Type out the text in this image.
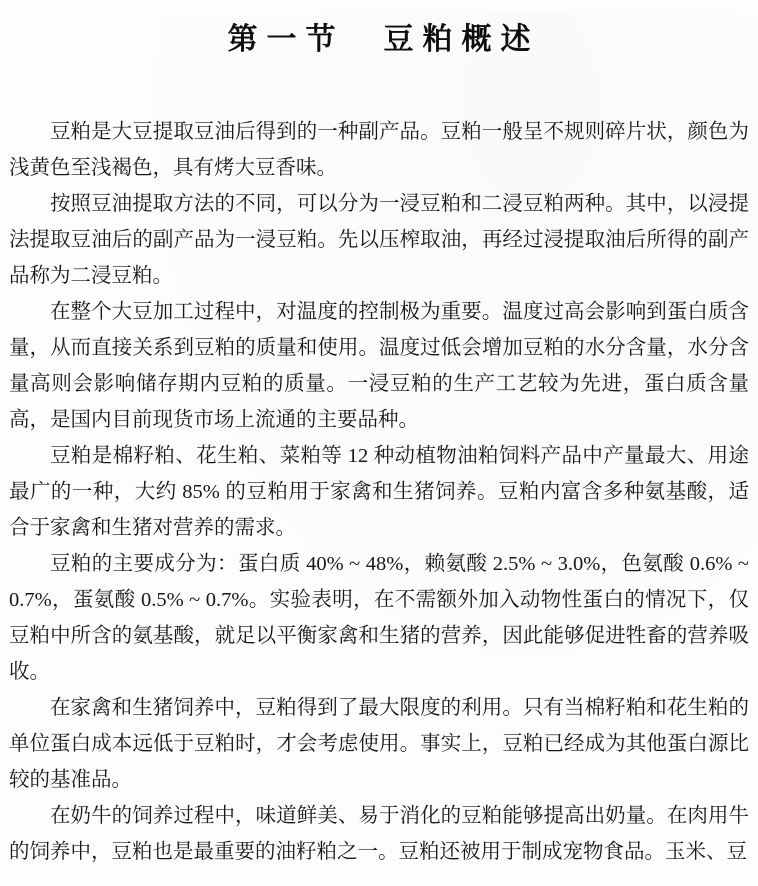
第一节　豆粕概述

豆粕是大豆提取豆油后得到的一种副产品。豆粕一般呈不规则碎片状，颜色为浅黄色至浅褐色，具有烤大豆香味。

按照豆油提取方法的不同，可以分为一浸豆粕和二浸豆粕两种。其中，以浸提法提取豆油后的副产品为一浸豆粕。先以压榨取油，再经过浸提取油后所得的副产品称为二浸豆粕。

在整个大豆加工过程中，对温度的控制极为重要。温度过高会影响到蛋白质含量，从而直接关系到豆粕的质量和使用。温度过低会增加豆粕的水分含量，水分含量高则会影响储存期内豆粕的质量。一浸豆粕的生产工艺较为先进，蛋白质含量高，是国内目前现货市场上流通的主要品种。

豆粕是棉籽粕、花生粕、菜粕等 12 种动植物油粕饲料产品中产量最大、用途最广的一种，大约 85% 的豆粕用于家禽和生猪饲养。豆粕内富含多种氨基酸，适合于家禽和生猪对营养的需求。

豆粕的主要成分为：蛋白质 40% ~ 48%，赖氨酸 2.5% ~ 3.0%，色氨酸 0.6% ~ 0.7%，蛋氨酸 0.5% ~ 0.7%。实验表明，在不需额外加入动物性蛋白的情况下，仅豆粕中所含的氨基酸，就足以平衡家禽和生猪的营养，因此能够促进牲畜的营养吸收。

在家禽和生猪饲养中，豆粕得到了最大限度的利用。只有当棉籽粕和花生粕的单位蛋白成本远低于豆粕时，才会考虑使用。事实上，豆粕已经成为其他蛋白源比较的基准品。

在奶牛的饲养过程中，味道鲜美、易于消化的豆粕能够提高出奶量。在肉用牛的饲养中，豆粕也是最重要的油籽粕之一。豆粕还被用于制成宠物食品。玉米、豆
